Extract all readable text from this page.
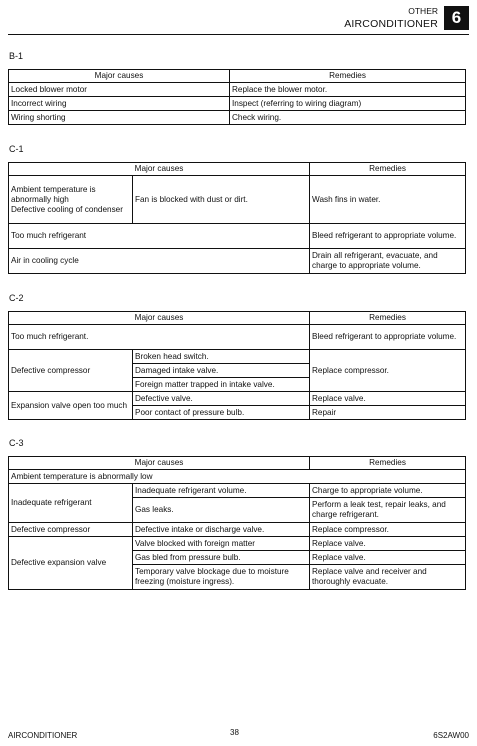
OTHER
AIRCONDITIONER 6
B-1
Major causes	Remedies
Locked blower motor	Replace the blower motor.
Incorrect wiring	Inspect (referring to wiring diagram)
Wiring shorting	Check wiring.
C-1
Major causes		Remedies
Ambient temperature is abnormally high
Defective cooling of condenser	Fan is blocked with dust or dirt.	Wash fins in water.
Too much refrigerant		Bleed refrigerant to appropriate volume.
Air in cooling cycle		Drain all refrigerant, evacuate, and charge to appropriate volume.
C-2
Major causes		Remedies
Too much refrigerant.		Bleed refrigerant to appropriate volume.
Defective compressor	Broken head switch.	Replace compressor.
	Damaged intake valve.	
	Foreign matter trapped in intake valve.	
Expansion valve open too much	Defective valve.	Replace valve.
	Poor contact of pressure bulb.	Repair
C-3
Major causes		Remedies
Ambient temperature is abnormally low		
Inadequate refrigerant	Inadequate refrigerant volume.	Charge to appropriate volume.
	Gas leaks.	Perform a leak test, repair leaks, and charge refrigerant.
Defective compressor	Defective intake or discharge valve.	Replace compressor.
Defective expansion valve	Valve blocked with foreign matter	Replace valve.
	Gas bled from pressure bulb.	Replace valve.
	Temporary valve blockage due to moisture freezing (moisture ingress).	Replace valve and receiver and thoroughly evacuate.
AIRCONDITIONER	38	6S2AW00
